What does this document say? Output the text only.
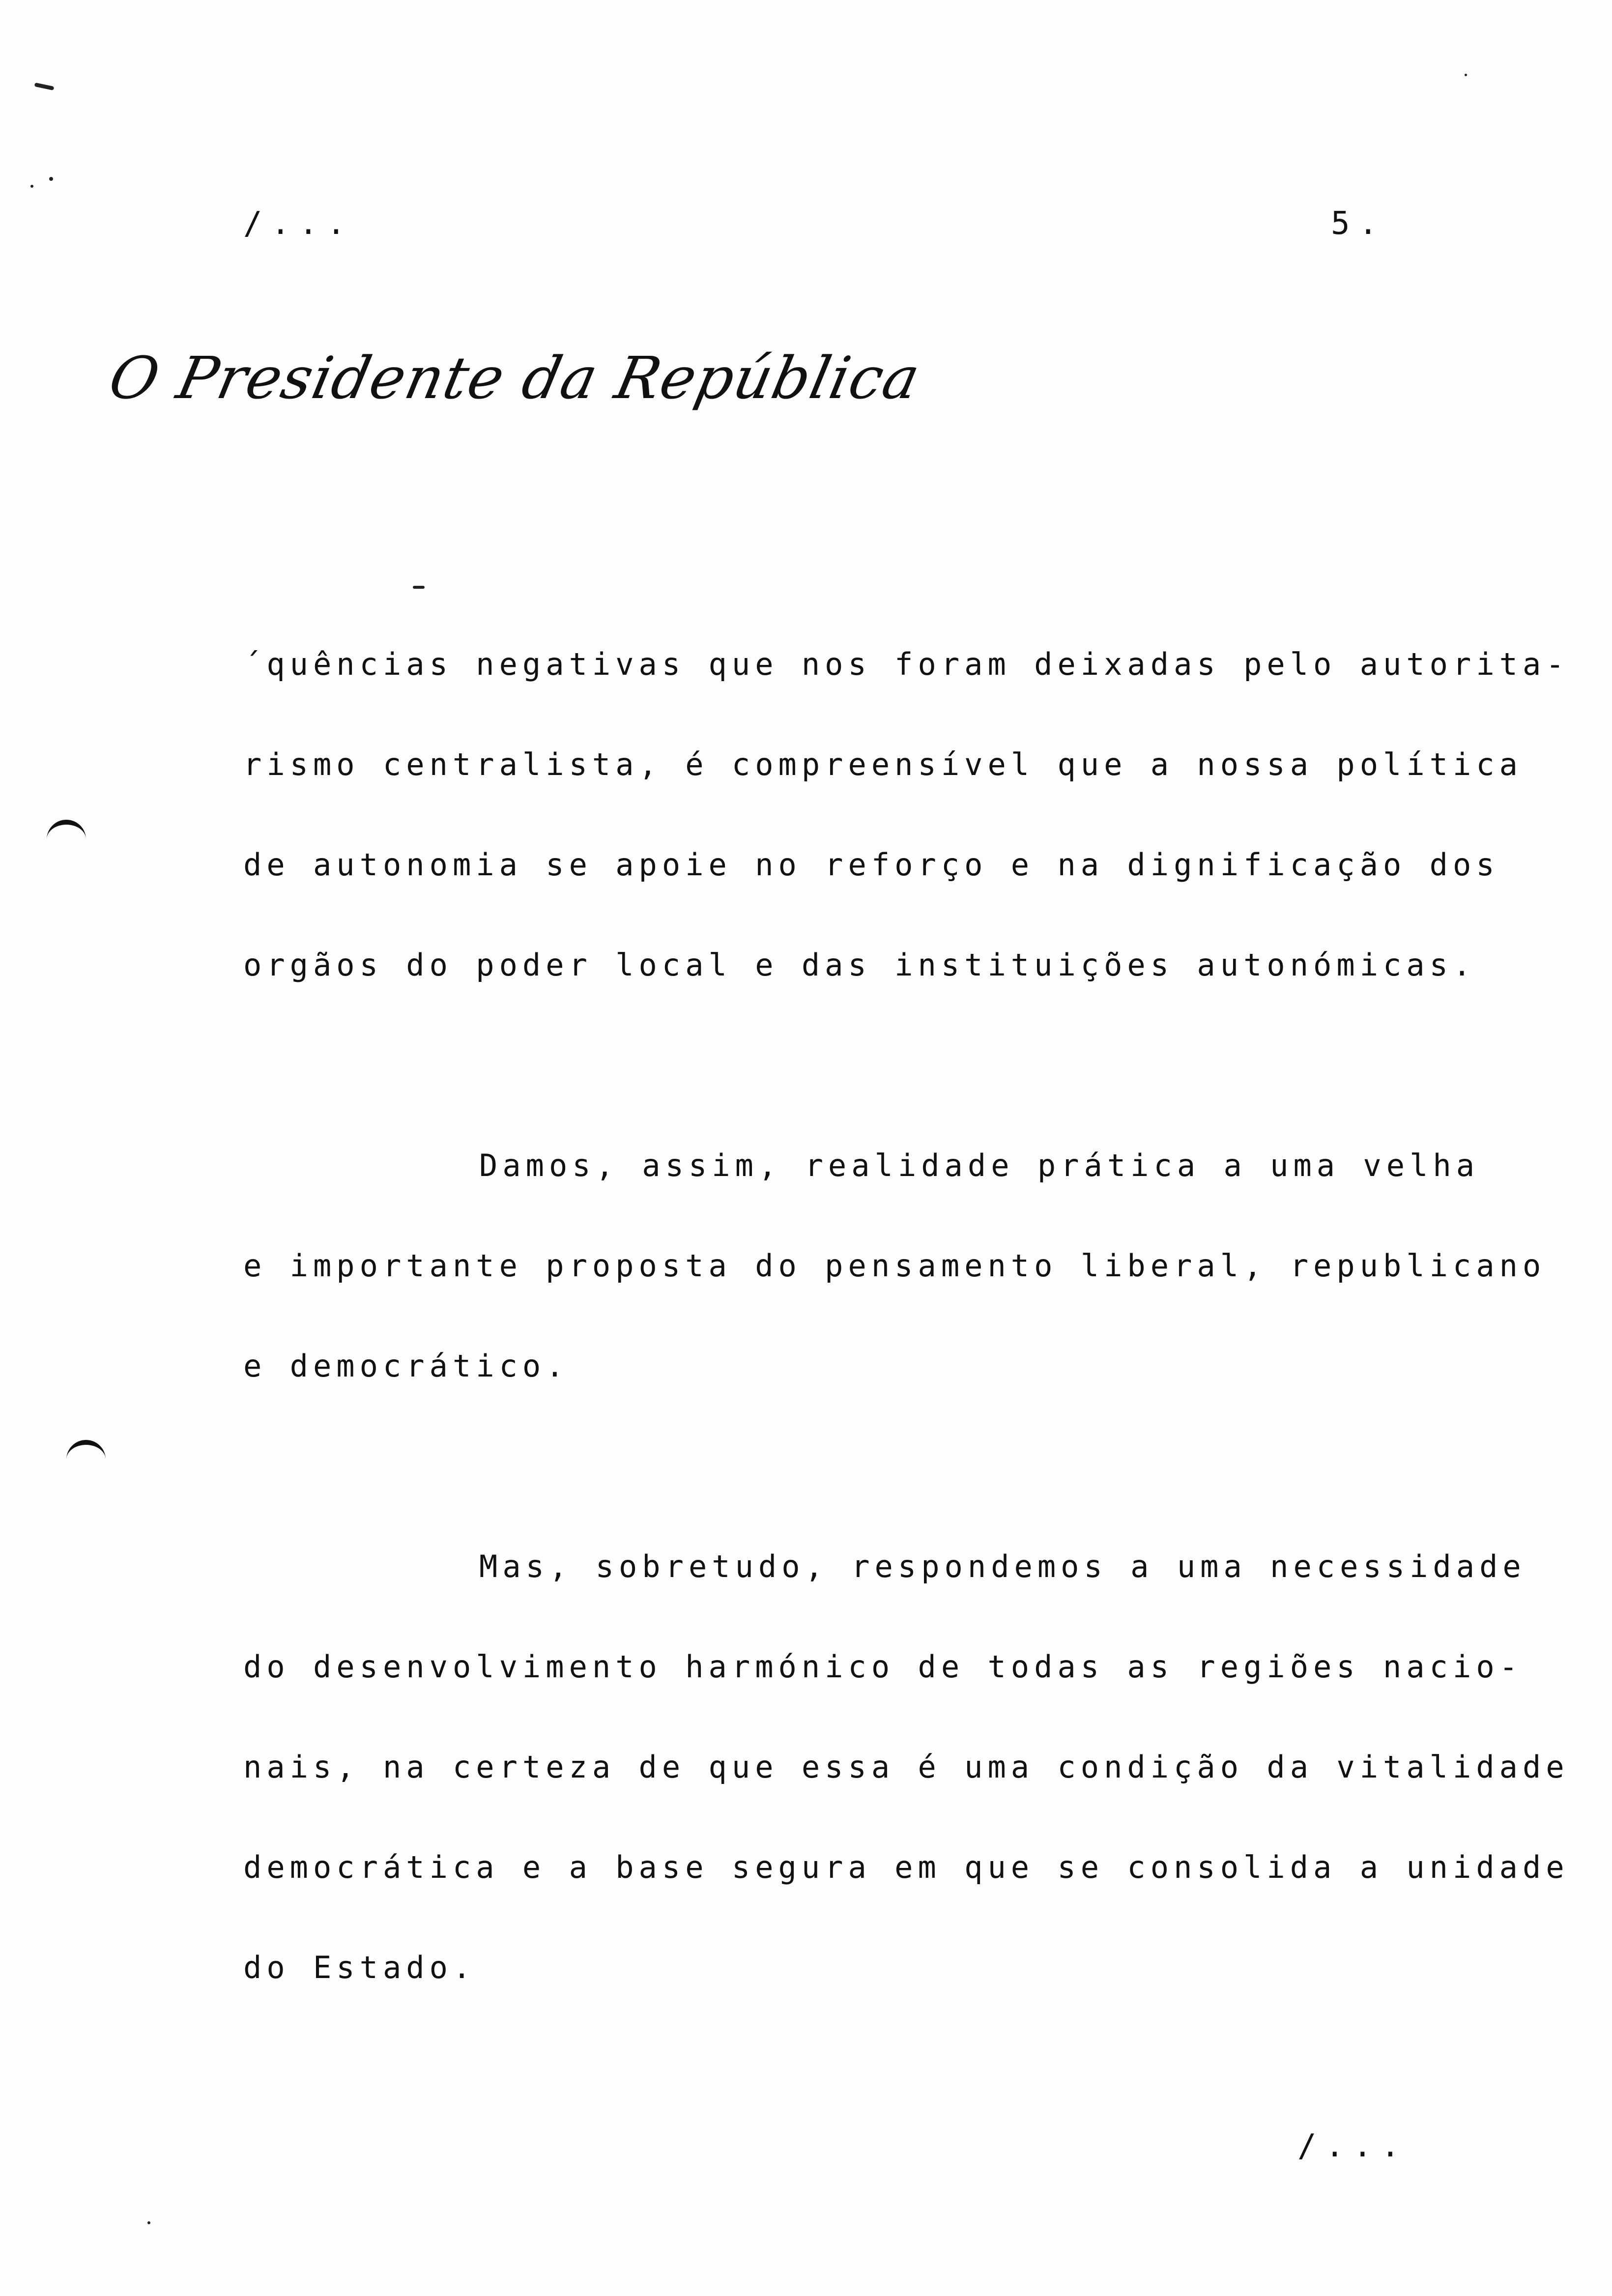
/...	5.
O Presidente da República

´quências negativas que nos foram deixadas pelo autorita-
rismo centralista, é compreensível que a nossa política
de autonomia se apoie no reforço e na dignificação dos
orgãos do poder local e das instituições autonómicas.

Damos, assim, realidade prática a uma velha
e importante proposta do pensamento liberal, republicano
e democrático.

Mas, sobretudo, respondemos a uma necessidade
do desenvolvimento harmónico de todas as regiões nacio-
nais, na certeza de que essa é uma condição da vitalidade
democrática e a base segura em que se consolida a unidade
do Estado.

/...
